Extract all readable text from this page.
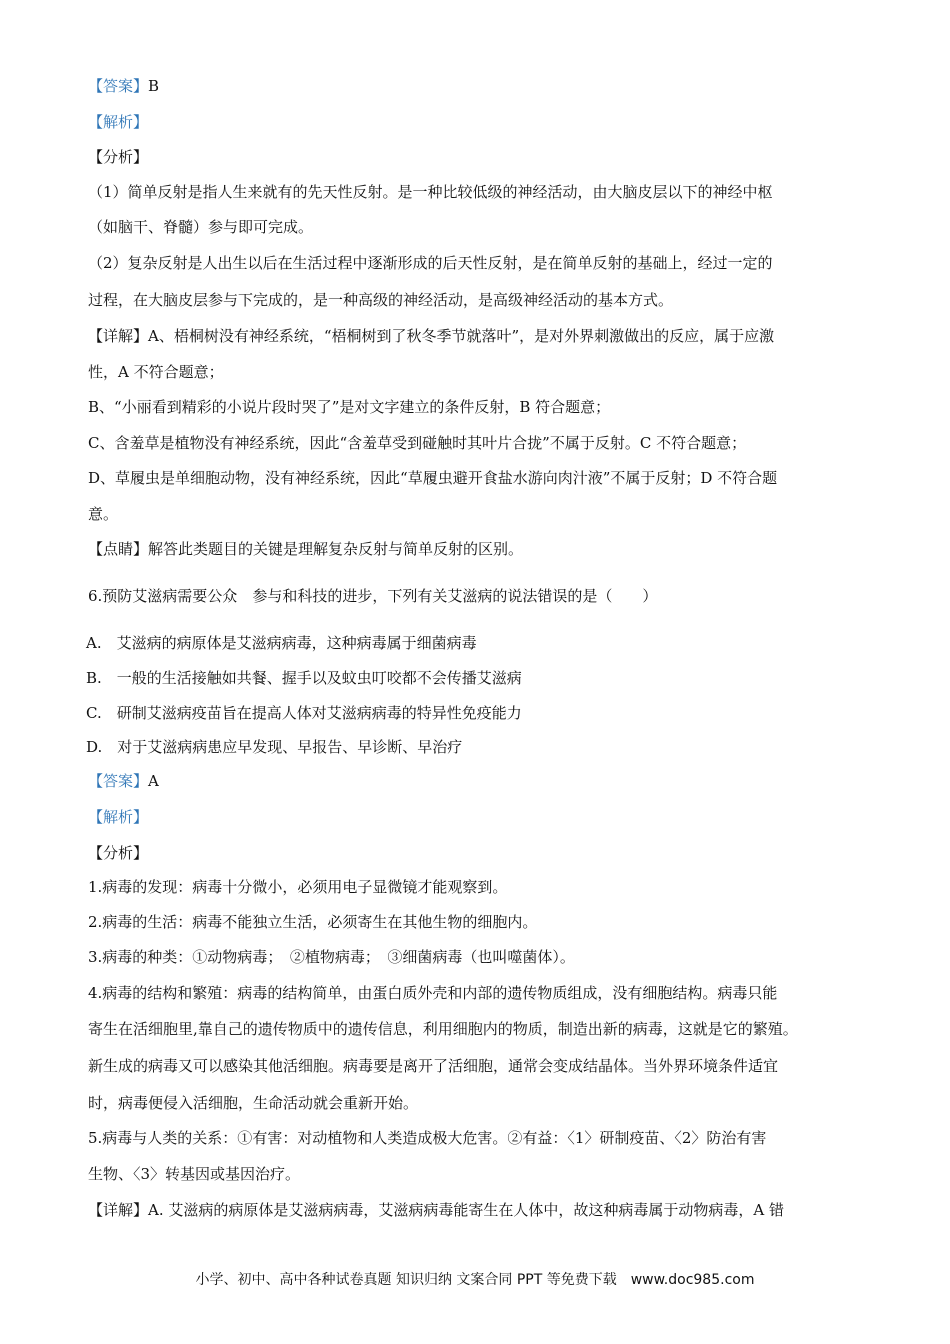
【答案】B
【解析】
【分析】
（1）简单反射是指人生来就有的先天性反射。是一种比较低级的神经活动，由大脑皮层以下的神经中枢
（如脑干、脊髓）参与即可完成。
（2）复杂反射是人出生以后在生活过程中逐渐形成的后天性反射，是在简单反射的基础上，经过一定的
过程，在大脑皮层参与下完成的，是一种高级的神经活动，是高级神经活动的基本方式。
【详解】A、梧桐树没有神经系统，“梧桐树到了秋冬季节就落叶”，是对外界刺激做出的反应，属于应激
性，A 不符合题意；
B、“小丽看到精彩的小说片段时哭了”是对文字建立的条件反射，B 符合题意；
C、含羞草是植物没有神经系统，因此“含羞草受到碰触时其叶片合拢”不属于反射。C 不符合题意；
D、草履虫是单细胞动物，没有神经系统，因此“草履虫避开食盐水游向肉汁液”不属于反射；D 不符合题
意。
【点睛】解答此类题目的关键是理解复杂反射与简单反射的区别。
6.预防艾滋病需要公众　参与和科技的进步，下列有关艾滋病的说法错误的是（　　）
A.　艾滋病的病原体是艾滋病病毒，这种病毒属于细菌病毒
B.　一般的生活接触如共餐、握手以及蚊虫叮咬都不会传播艾滋病
C.　研制艾滋病疫苗旨在提高人体对艾滋病病毒的特异性免疫能力
D.　对于艾滋病病患应早发现、早报告、早诊断、早治疗
【答案】A
【解析】
【分析】
1.病毒的发现：病毒十分微小，必须用电子显微镜才能观察到。
2.病毒的生活：病毒不能独立生活，必须寄生在其他生物的细胞内。
3.病毒的种类：①动物病毒；　②植物病毒；　③细菌病毒（也叫噬菌体）。
4.病毒的结构和繁殖：病毒的结构简单，由蛋白质外壳和内部的遗传物质组成，没有细胞结构。病毒只能
寄生在活细胞里,靠自己的遗传物质中的遗传信息，利用细胞内的物质，制造出新的病毒，这就是它的繁殖。
新生成的病毒又可以感染其他活细胞。病毒要是离开了活细胞，通常会变成结晶体。当外界环境条件适宜
时，病毒便侵入活细胞，生命活动就会重新开始。
5.病毒与人类的关系：①有害：对动植物和人类造成极大危害。②有益：〈1〉研制疫苗、〈2〉防治有害
生物、〈3〉转基因或基因治疗。
【详解】A. 艾滋病的病原体是艾滋病病毒，艾滋病病毒能寄生在人体中，故这种病毒属于动物病毒，A 错
小学、初中、高中各种试卷真题 知识归纳 文案合同 PPT 等免费下载　www.doc985.com
